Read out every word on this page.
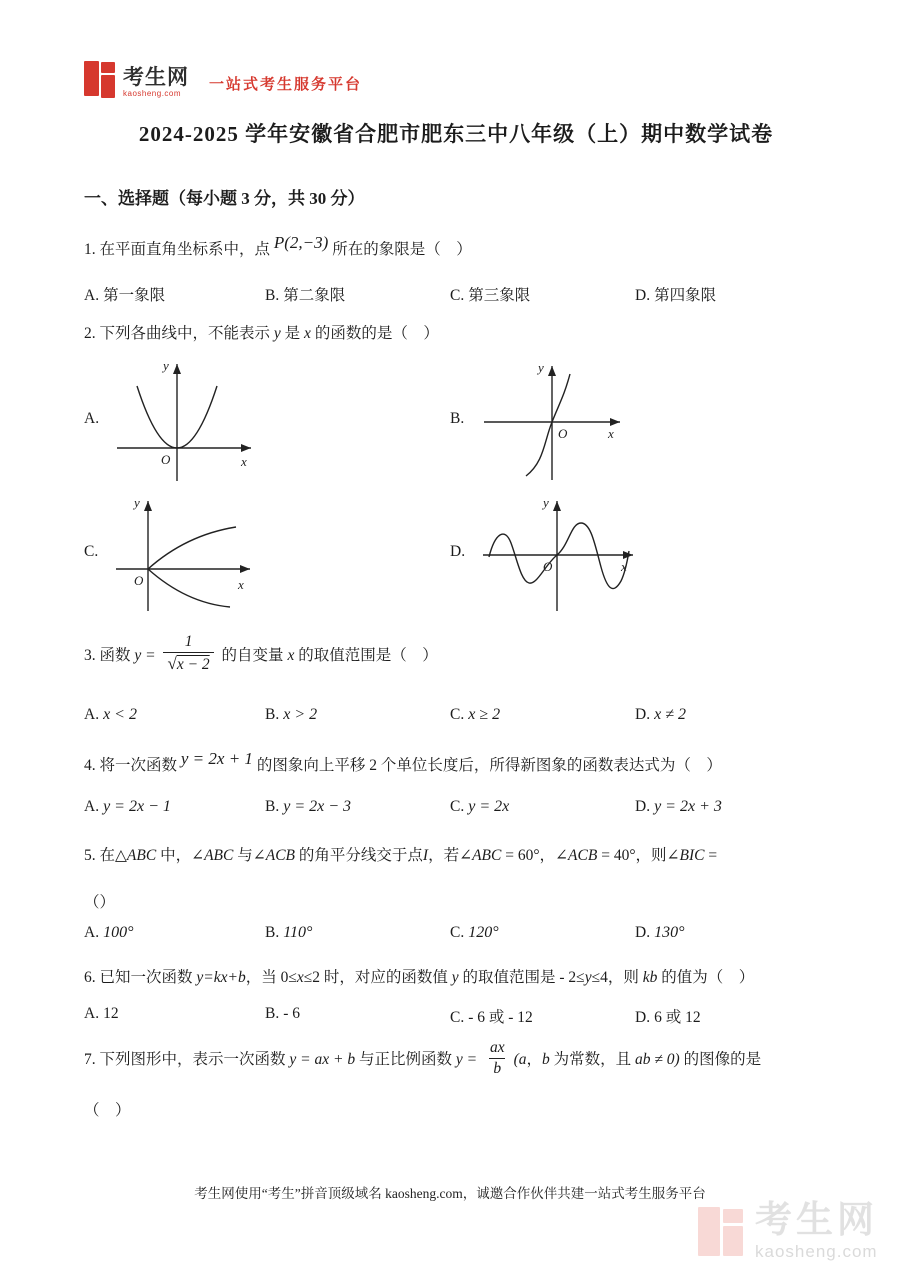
考生网
kaosheng.com
一站式考生服务平台
2024-2025 学年安徽省合肥市肥东三中八年级（上）期中数学试卷
一、选择题（每小题 3 分，共 30 分）

1. 在平面直角坐标系中，点 P(2,−3) 所在的象限是（　）

A. 第一象限	B. 第二象限	C. 第三象限	D. 第四象限

2. 下列各曲线中，不能表示 y 是 x 的函数的是（　）

A.
O	x
y
B.
O	x
y
C.
O	x
y
D.
O	x
y

3. 函数 $y = \frac{1}{√x - 2}$ 的自变量 x 的取值范围是（　）

A. x < 2	B. x > 2	C. x ≥ 2	D. x ≠ 2

4. 将一次函数 y = 2x + 1 的图象向上平移 2 个单位长度后，所得新图象的函数表达式为（　）

A. y = 2x − 1	B. y = 2x − 3	C. y = 2x	D. y = 2x + 3

5. 在△ABC 中，∠ABC 与∠ACB 的角平分线交于点I，若∠ABC = 60°，∠ACB = 40°，则∠BIC =

（）

A. 100°	B. 110°	C. 120°	D. 130°

6. 已知一次函数 y=kx+b，当 0≤x≤2 时，对应的函数值 y 的取值范围是 - 2≤y≤4，则 kb 的值为（　）

A. 12	B. - 6	C. - 6 或 - 12	D. 6 或 12

7. 下列图形中，表示一次函数 y = ax + b 与正比例函数 $y = \frac{ax}{b} (a$，b 为常数，且 ab ≠ 0) 的图像的是

（　）

考生网使用“考生”拼音顶级域名 kaosheng.com，诚邀合作伙伴共建一站式考生服务平台

考生网
kaosheng.com
